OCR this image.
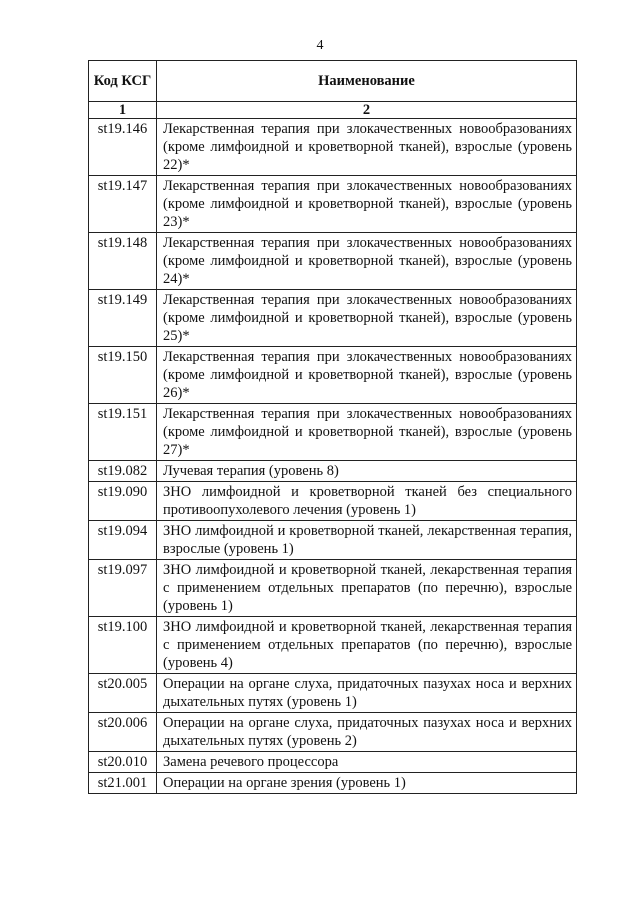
4
Код КСГ	Наименование
1	2
st19.146	Лекарственная терапия при злокачественных новообразованиях (кроме лимфоидной и кроветворной тканей), взрослые (уровень 22)*
st19.147	Лекарственная терапия при злокачественных новообразованиях (кроме лимфоидной и кроветворной тканей), взрослые (уровень 23)*
st19.148	Лекарственная терапия при злокачественных новообразованиях (кроме лимфоидной и кроветворной тканей), взрослые (уровень 24)*
st19.149	Лекарственная терапия при злокачественных новообразованиях (кроме лимфоидной и кроветворной тканей), взрослые (уровень 25)*
st19.150	Лекарственная терапия при злокачественных новообразованиях (кроме лимфоидной и кроветворной тканей), взрослые (уровень 26)*
st19.151	Лекарственная терапия при злокачественных новообразованиях (кроме лимфоидной и кроветворной тканей), взрослые (уровень 27)*
st19.082	Лучевая терапия (уровень 8)
st19.090	ЗНО лимфоидной и кроветворной тканей без специального противоопухолевого лечения (уровень 1)
st19.094	ЗНО лимфоидной и кроветворной тканей, лекарственная терапия, взрослые (уровень 1)
st19.097	ЗНО лимфоидной и кроветворной тканей, лекарственная терапия с применением отдельных препаратов (по перечню), взрослые (уровень 1)
st19.100	ЗНО лимфоидной и кроветворной тканей, лекарственная терапия с применением отдельных препаратов (по перечню), взрослые (уровень 4)
st20.005	Операции на органе слуха, придаточных пазухах носа и верхних дыхательных путях (уровень 1)
st20.006	Операции на органе слуха, придаточных пазухах носа и верхних дыхательных путях (уровень 2)
st20.010	Замена речевого процессора
st21.001	Операции на органе зрения (уровень 1)
